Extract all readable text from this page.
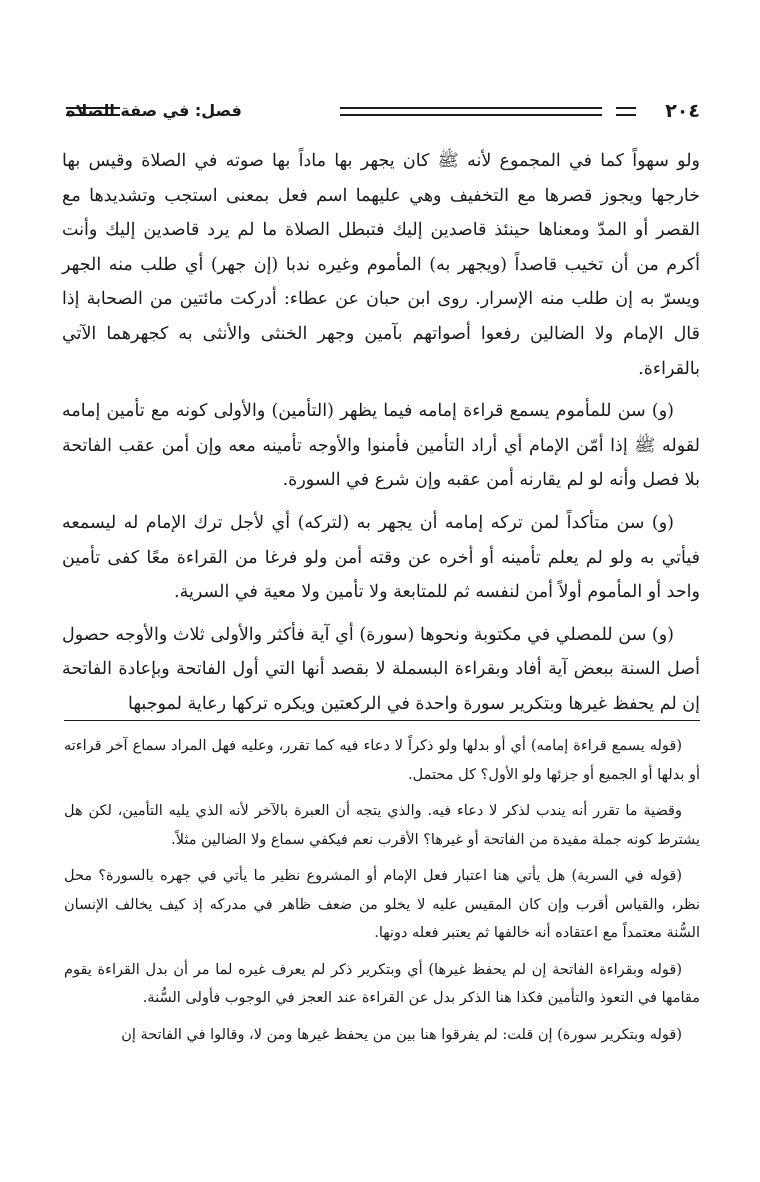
٢٠٤
فصل: في صفة الصلاة

ولو سهواً كما في المجموع لأنه ﷺ كان يجهر بها ماداً بها صوته في الصلاة وقيس بها خارجها ويجوز قصرها مع التخفيف وهي عليهما اسم فعل بمعنى استجب وتشديدها مع القصر أو المدّ ومعناها حينئذ قاصدين إليك فتبطل الصلاة ما لم يرد قاصدين إليك وأنت أكرم من أن تخيب قاصداً (ويجهر به) المأموم وغيره ندبا (إن جهر) أي طلب منه الجهر ويسرّ به إن طلب منه الإسرار. روى ابن حبان عن عطاء: أدركت مائتين من الصحابة إذا قال الإمام ولا الضالين رفعوا أصواتهم بآمين وجهر الخنثى والأنثى به كجهرهما الآتي بالقراءة.

(و) سن للمأموم يسمع قراءة إمامه فيما يظهر (التأمين) والأولى كونه مع تأمين إمامه لقوله ﷺ إذا أمّن الإمام أي أراد التأمين فأمنوا والأوجه تأمينه معه وإن أمن عقب الفاتحة بلا فصل وأنه لو لم يقارنه أمن عقبه وإن شرع في السورة.

(و) سن متأكداً لمن تركه إمامه أن يجهر به (لتركه) أي لأجل ترك الإمام له ليسمعه فيأتي به ولو لم يعلم تأمينه أو أخره عن وقته أمن ولو فرغا من القراءة معًا كفى تأمين واحد أو المأموم أولاً أمن لنفسه ثم للمتابعة ولا تأمين ولا معية في السرية.

(و) سن للمصلي في مكتوبة ونحوها (سورة) أي آية فأكثر والأولى ثلاث والأوجه حصول أصل السنة ببعض آية أفاد وبقراءة البسملة لا بقصد أنها التي أول الفاتحة وبإعادة الفاتحة إن لم يحفظ غيرها وبتكرير سورة واحدة في الركعتين ويكره تركها رعاية لموجبها

(قوله يسمع قراءة إمامه) أي أو بدلها ولو ذكراً لا دعاء فيه كما تقرر، وعليه فهل المراد سماع آخر قراءته أو بدلها أو الجميع أو جزئها ولو الأول؟ كل محتمل.

وقضية ما تقرر أنه يندب لذكر لا دعاء فيه. والذي يتجه أن العبرة بالآخر لأنه الذي يليه التأمين، لكن هل يشترط كونه جملة مفيدة من الفاتحة أو غيرها؟ الأقرب نعم فيكفي سماع ولا الضالين مثلاً.

(قوله في السرية) هل يأتي هنا اعتبار فعل الإمام أو المشروع نظير ما يأتي في جهره بالسورة؟ محل نظر، والقياس أقرب وإن كان المقيس عليه لا يخلو من ضعف ظاهر في مدركه إذ كيف يخالف الإنسان السُّنة معتمداً مع اعتقاده أنه خالفها ثم يعتبر فعله دونها.

(قوله وبقراءة الفاتحة إن لم يحفظ غيرها) أي وبتكرير ذكر لم يعرف غيره لما مر أن بدل القراءة يقوم مقامها في التعوذ والتأمين فكذا هنا الذكر بدل عن القراءة عند العجز في الوجوب فأولى السُّنة.

(قوله وبتكرير سورة) إن قلت: لم يفرقوا هنا بين من يحفظ غيرها ومن لا، وقالوا في الفاتحة إن
